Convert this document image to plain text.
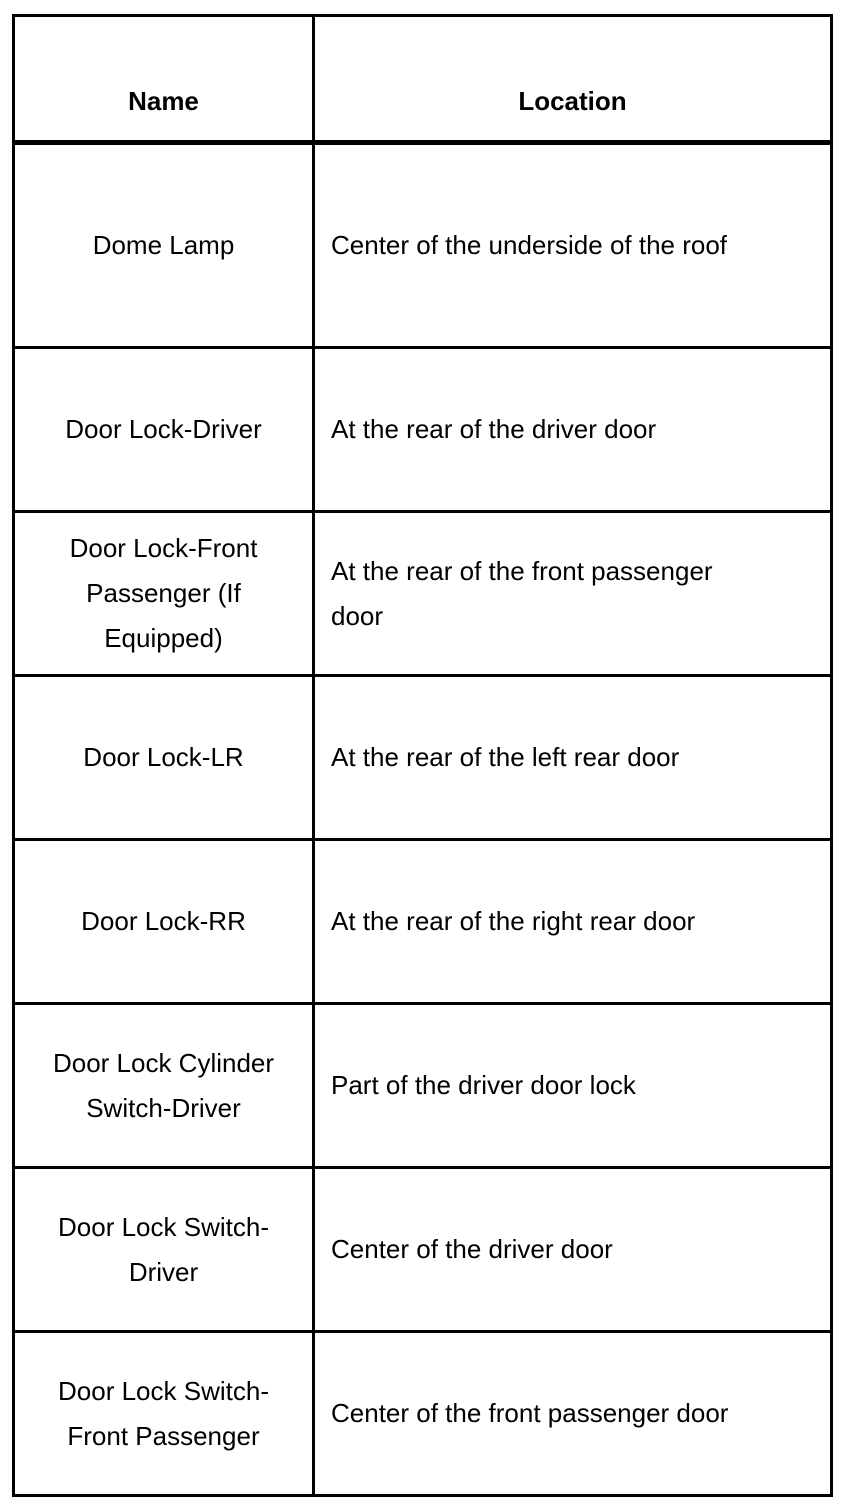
Name	Location
Dome Lamp	Center of the underside of the roof
Door Lock-Driver	At the rear of the driver door
Door Lock-Front Passenger (If Equipped)	At the rear of the front passenger door
Door Lock-LR	At the rear of the left rear door
Door Lock-RR	At the rear of the right rear door
Door Lock Cylinder Switch-Driver	Part of the driver door lock
Door Lock Switch-Driver	Center of the driver door
Door Lock Switch-Front Passenger	Center of the front passenger door
